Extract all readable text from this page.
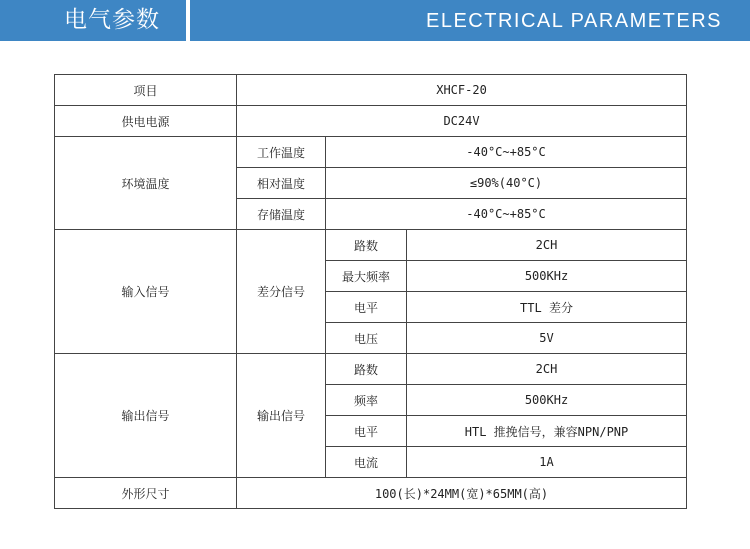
电气参数	ELECTRICAL PARAMETERS
项目	XHCF-20		
供电电源	DC24V		
环境温度	工作温度	-40°C~+85°C	
	相对温度	≤90%(40°C)	
	存储温度	-40°C~+85°C	
输入信号	差分信号	路数	2CH
		最大频率	500KHz
		电平	TTL 差分
		电压	5V
输出信号	输出信号	路数	2CH
		频率	500KHz
		电平	HTL 推挽信号，兼容NPN/PNP
		电流	1A
外形尺寸	100(长)*24MM(宽)*65MM(高)		
